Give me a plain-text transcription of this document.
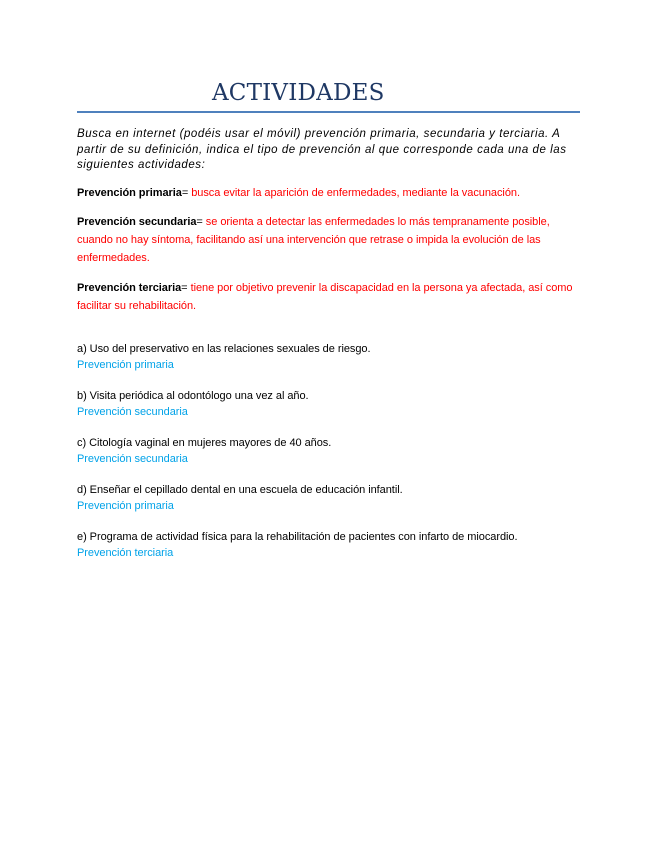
ACTIVIDADES

Busca en internet (podéis usar el móvil) prevención primaria, secundaria y terciaria. A partir de su definición, indica el tipo de prevención al que corresponde cada una de las siguientes actividades:

Prevención primaria= busca evitar la aparición de enfermedades, mediante la vacunación.

Prevención secundaria= se orienta a detectar las enfermedades lo más tempranamente posible, cuando no hay síntoma, facilitando así una intervención que retrase o impida la evolución de las enfermedades.

Prevención terciaria= tiene por objetivo prevenir la discapacidad en la persona ya afectada, así como facilitar su rehabilitación.

a) Uso del preservativo en las relaciones sexuales de riesgo.
Prevención primaria
b) Visita periódica al odontólogo una vez al año.
Prevención secundaria
c) Citología vaginal en mujeres mayores de 40 años.
Prevención secundaria
d) Enseñar el cepillado dental en una escuela de educación infantil.
Prevención primaria
e) Programa de actividad física para la rehabilitación de pacientes con infarto de miocardio.
Prevención terciaria
